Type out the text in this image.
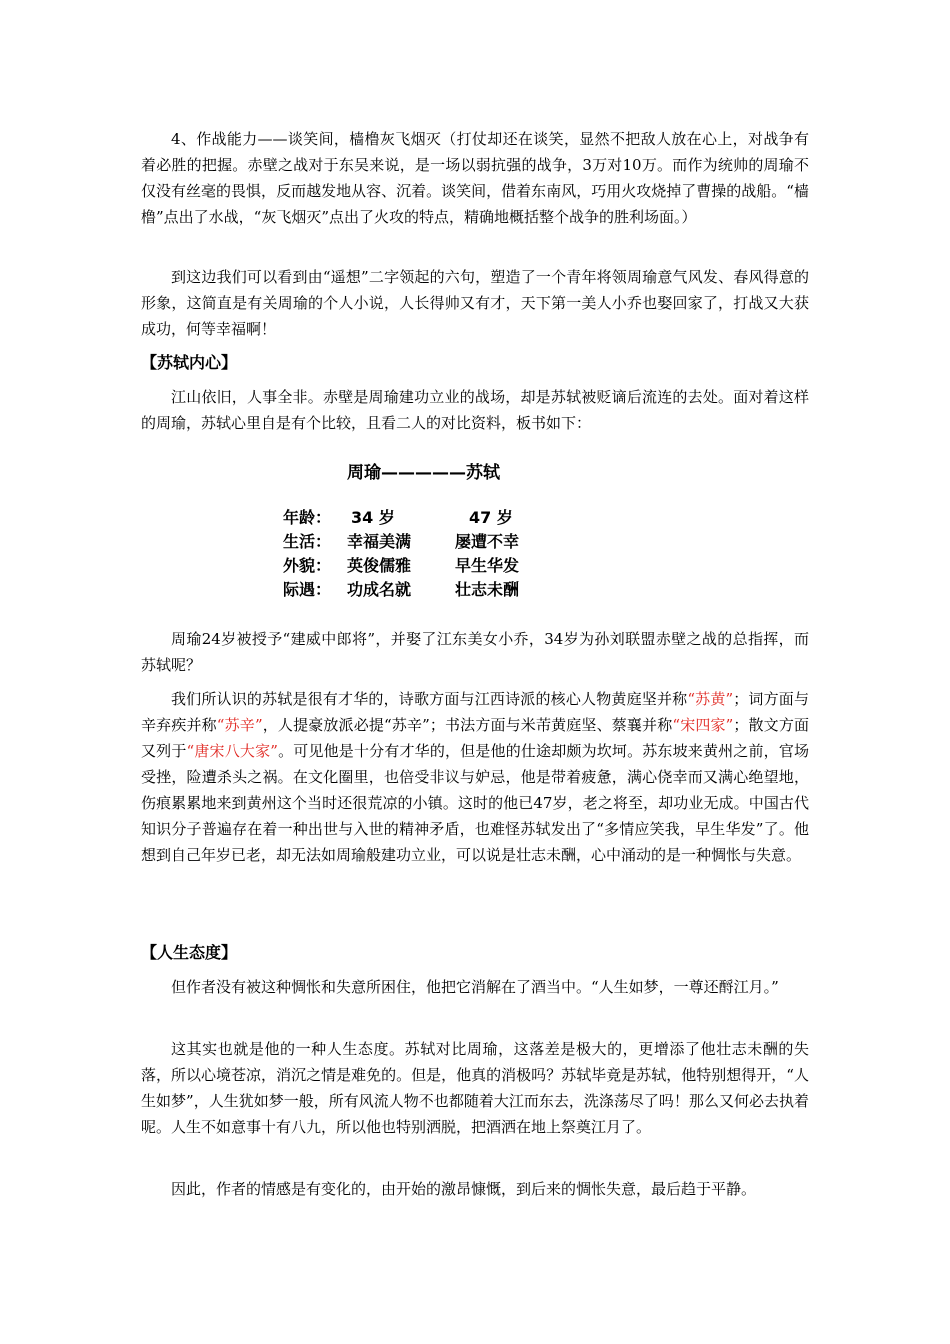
4、作战能力——谈笑间，樯橹灰飞烟灭（打仗却还在谈笑，显然不把敌人放在心上，对战争有着必胜的把握。赤壁之战对于东吴来说，是一场以弱抗强的战争，3万对10万。而作为统帅的周瑜不仅没有丝毫的畏惧，反而越发地从容、沉着。谈笑间，借着东南风，巧用火攻烧掉了曹操的战船。“樯橹”点出了水战，“灰飞烟灭”点出了火攻的特点，精确地概括整个战争的胜利场面。）

到这边我们可以看到由“遥想”二字领起的六句，塑造了一个青年将领周瑜意气风发、春风得意的形象，这简直是有关周瑜的个人小说，人长得帅又有才，天下第一美人小乔也娶回家了，打战又大获成功，何等幸福啊！

【苏轼内心】

江山依旧，人事全非。赤壁是周瑜建功立业的战场，却是苏轼被贬谪后流连的去处。面对着这样的周瑜，苏轼心里自是有个比较，且看二人的对比资料，板书如下：

周瑜—————苏轼
年龄： 34 岁	47 岁
生活： 幸福美满	屡遭不幸
外貌： 英俊儒雅	早生华发
际遇： 功成名就	壮志未酬

周瑜24岁被授予“建威中郎将”，并娶了江东美女小乔，34岁为孙刘联盟赤壁之战的总指挥，而苏轼呢？

我们所认识的苏轼是很有才华的，诗歌方面与江西诗派的核心人物黄庭坚并称“苏黄”；词方面与辛弃疾并称“苏辛”，人提豪放派必提“苏辛”；书法方面与米芾黄庭坚、蔡襄并称“宋四家”；散文方面又列于“唐宋八大家”。可见他是十分有才华的，但是他的仕途却颇为坎坷。苏东坡来黄州之前，官场受挫，险遭杀头之祸。在文化圈里，也倍受非议与妒忌，他是带着疲惫，满心侥幸而又满心绝望地，伤痕累累地来到黄州这个当时还很荒凉的小镇。这时的他已47岁，老之将至，却功业无成。中国古代知识分子普遍存在着一种出世与入世的精神矛盾，也难怪苏轼发出了“多情应笑我，早生华发”了。他想到自己年岁已老，却无法如周瑜般建功立业，可以说是壮志未酬，心中涌动的是一种惆怅与失意。

【人生态度】

但作者没有被这种惆怅和失意所困住，他把它消解在了酒当中。“人生如梦，一尊还酹江月。”

这其实也就是他的一种人生态度。苏轼对比周瑜，这落差是极大的，更增添了他壮志未酬的失落，所以心境苍凉，消沉之情是难免的。但是，他真的消极吗？苏轼毕竟是苏轼，他特别想得开，“人生如梦”，人生犹如梦一般，所有风流人物不也都随着大江而东去，洗涤荡尽了吗！那么又何必去执着呢。人生不如意事十有八九，所以他也特别洒脱，把酒洒在地上祭奠江月了。

因此，作者的情感是有变化的，由开始的激昂慷慨，到后来的惆怅失意，最后趋于平静。
